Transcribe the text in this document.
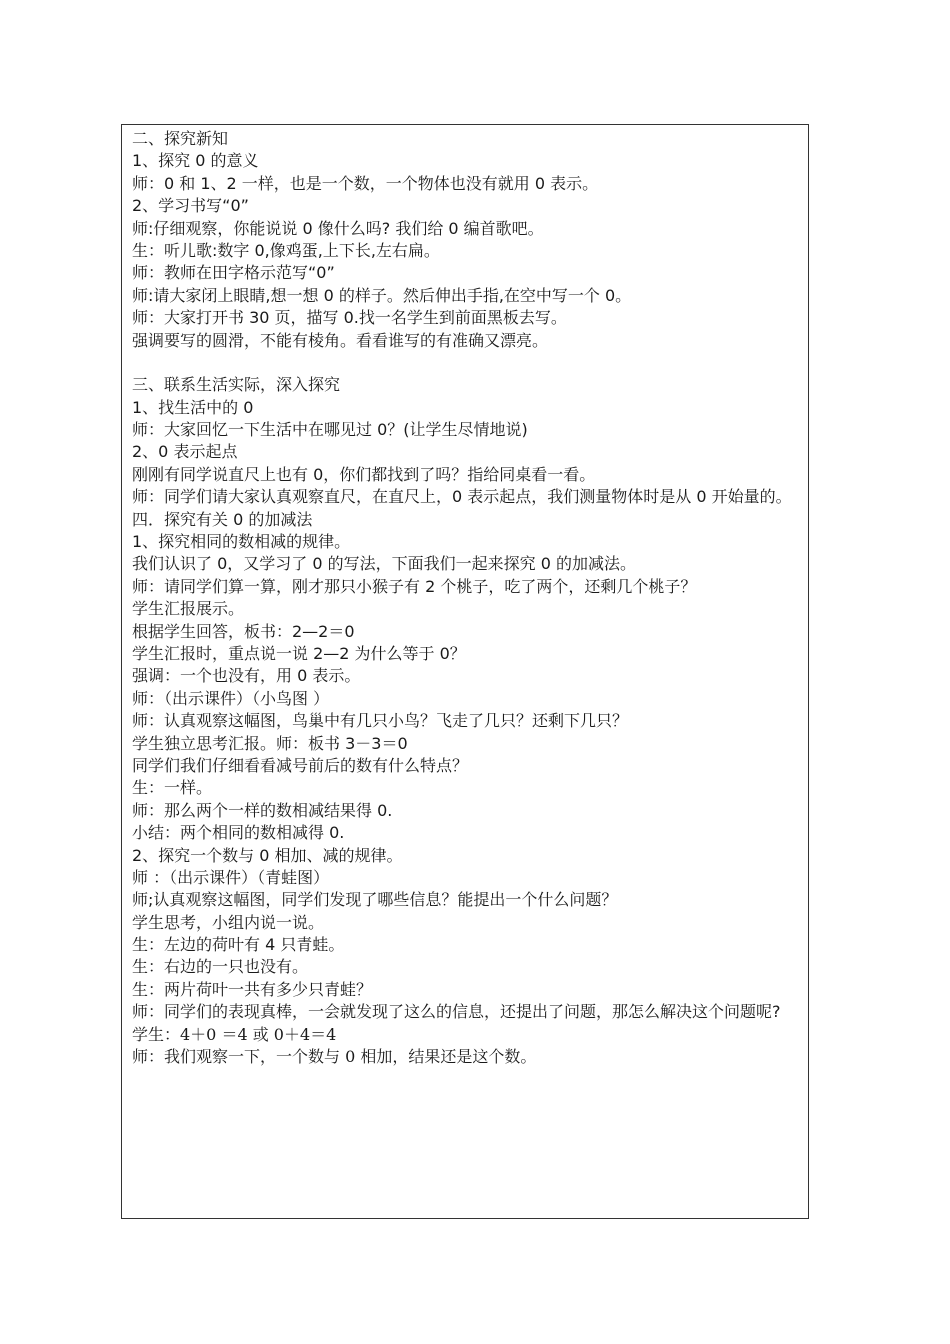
二、探究新知
1、探究 0 的意义
师：0 和 1、2 一样，也是一个数，一个物体也没有就用 0 表示。
2、学习书写“0”
师:仔细观察，你能说说 0 像什么吗? 我们给 0 编首歌吧。
生：听儿歌:数字 0,像鸡蛋,上下长,左右扁。
师：教师在田字格示范写“0”
师:请大家闭上眼睛,想一想 0 的样子。然后伸出手指,在空中写一个 0。
师：大家打开书 30 页，描写 0.找一名学生到前面黑板去写。
强调要写的圆滑，不能有棱角。看看谁写的有准确又漂亮。
三、联系生活实际，深入探究
1、找生活中的 0
师：大家回忆一下生活中在哪见过 0？(让学生尽情地说)
2、0 表示起点
刚刚有同学说直尺上也有 0，你们都找到了吗？指给同桌看一看。
师：同学们请大家认真观察直尺，在直尺上，0 表示起点，我们测量物体时是从 0 开始量的。
四．探究有关 0 的加减法
1、探究相同的数相减的规律。
我们认识了 0，又学习了 0 的写法，下面我们一起来探究 0 的加减法。
师：请同学们算一算，刚才那只小猴子有 2 个桃子，吃了两个，还剩几个桃子？
学生汇报展示。
根据学生回答，板书：2—2＝0
学生汇报时，重点说一说 2—2 为什么等于 0？
强调：一个也没有，用 0 表示。
师：（出示课件）（小鸟图 ）
师：认真观察这幅图，鸟巢中有几只小鸟？飞走了几只？还剩下几只？
学生独立思考汇报。师：板书 3－3＝0
同学们我们仔细看看减号前后的数有什么特点？
生：一样。
师：那么两个一样的数相减结果得 0.
小结：两个相同的数相减得 0.
2、探究一个数与 0 相加、减的规律。
师 ：（出示课件）（青蛙图）
师;认真观察这幅图，同学们发现了哪些信息？能提出一个什么问题？
学生思考，小组内说一说。
生：左边的荷叶有 4 只青蛙。
生：右边的一只也没有。
生：两片荷叶一共有多少只青蛙？
师：同学们的表现真棒，一会就发现了这么的信息，还提出了问题，那怎么解决这个问题呢?
学生：4＋0 ＝4 或 0＋4＝4
师：我们观察一下，一个数与 0 相加，结果还是这个数。
